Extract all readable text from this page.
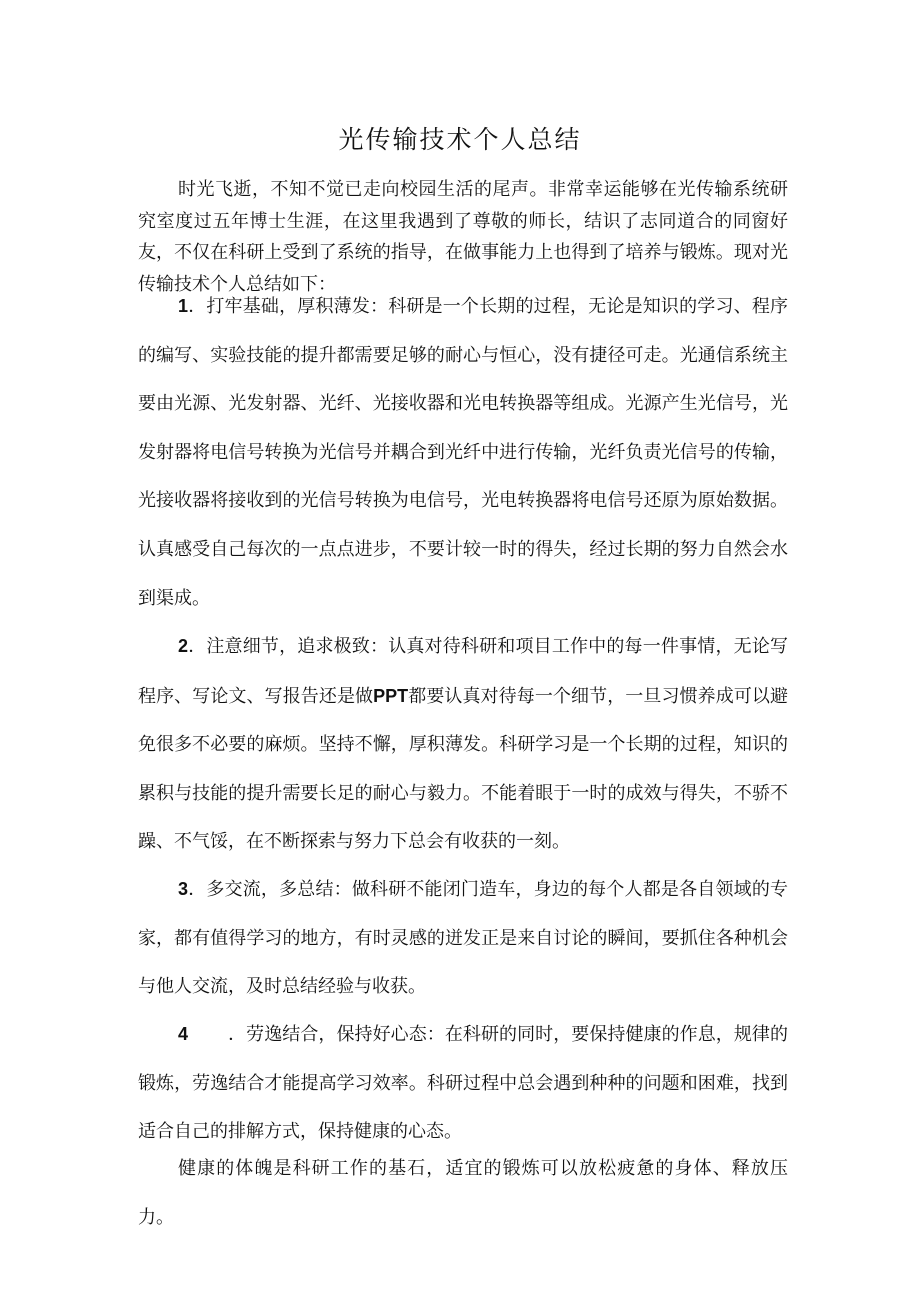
光传输技术个人总结

时光飞逝，不知不觉已走向校园生活的尾声。非常幸运能够在光传输系统研究室度过五年博士生涯，在这里我遇到了尊敬的师长，结识了志同道合的同窗好友，不仅在科研上受到了系统的指导，在做事能力上也得到了培养与锻炼。现对光传输技术个人总结如下：

1．打牢基础，厚积薄发：科研是一个长期的过程，无论是知识的学习、程序的编写、实验技能的提升都需要足够的耐心与恒心，没有捷径可走。光通信系统主要由光源、光发射器、光纤、光接收器和光电转换器等组成。光源产生光信号，光发射器将电信号转换为光信号并耦合到光纤中进行传输，光纤负责光信号的传输，光接收器将接收到的光信号转换为电信号，光电转换器将电信号还原为原始数据。认真感受自己每次的一点点进步，不要计较一时的得失，经过长期的努力自然会水到渠成。

2．注意细节，追求极致：认真对待科研和项目工作中的每一件事情，无论写程序、写论文、写报告还是做PPT都要认真对待每一个细节，一旦习惯养成可以避免很多不必要的麻烦。坚持不懈，厚积薄发。科研学习是一个长期的过程，知识的累积与技能的提升需要长足的耐心与毅力。不能着眼于一时的成效与得失，不骄不躁、不气馁，在不断探索与努力下总会有收获的一刻。

3．多交流，多总结：做科研不能闭门造车，身边的每个人都是各自领域的专家，都有值得学习的地方，有时灵感的迸发正是来自讨论的瞬间，要抓住各种机会与他人交流，及时总结经验与收获。

4 ．劳逸结合，保持好心态：在科研的同时，要保持健康的作息，规律的锻炼，劳逸结合才能提高学习效率。科研过程中总会遇到种种的问题和困难，找到适合自己的排解方式，保持健康的心态。

健康的体魄是科研工作的基石，适宜的锻炼可以放松疲惫的身体、释放压力。
